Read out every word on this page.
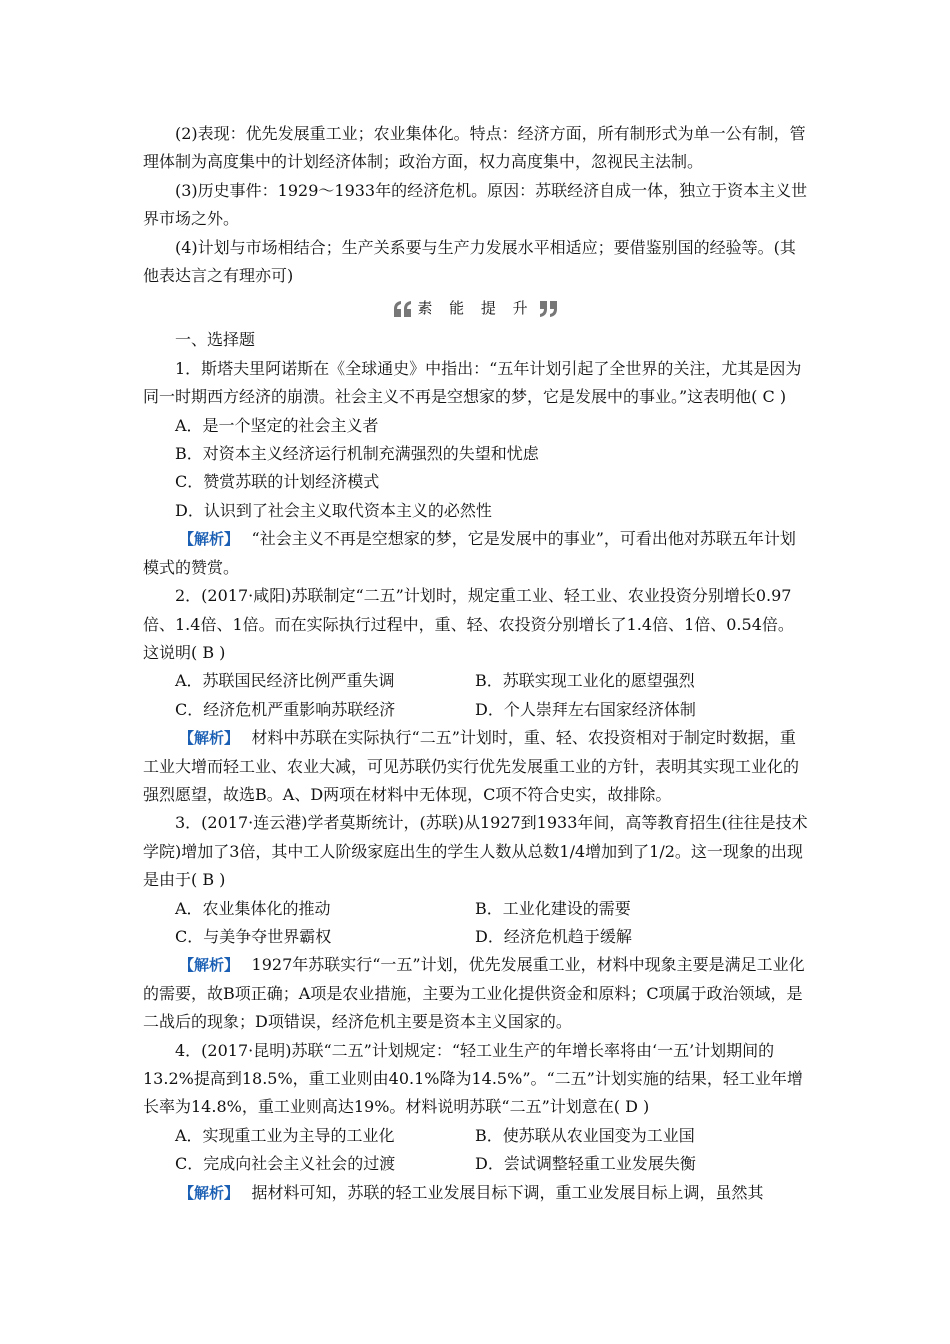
(2)表现：优先发展重工业；农业集体化。特点：经济方面，所有制形式为单一公有制，管理体制为高度集中的计划经济体制；政治方面，权力高度集中，忽视民主法制。

(3)历史事件：1929～1933年的经济危机。原因：苏联经济自成一体，独立于资本主义世界市场之外。

(4)计划与市场相结合；生产关系要与生产力发展水平相适应；要借鉴别国的经验等。(其他表达言之有理亦可)

素 能 提 升

一、选择题

1．斯塔夫里阿诺斯在《全球通史》中指出：“五年计划引起了全世界的关注，尤其是因为同一时期西方经济的崩溃。社会主义不再是空想家的梦，它是发展中的事业。”这表明他( C )

A．是一个坚定的社会主义者

B．对资本主义经济运行机制充满强烈的失望和忧虑

C．赞赏苏联的计划经济模式

D．认识到了社会主义取代资本主义的必然性

【解析】　 “社会主义不再是空想家的梦，它是发展中的事业”，可看出他对苏联五年计划模式的赞赏。

2．(2017·咸阳)苏联制定“二五”计划时，规定重工业、轻工业、农业投资分别增长0.97倍、1.4倍、1倍。而在实际执行过程中，重、轻、农投资分别增长了1.4倍、1倍、0.54倍。这说明( B )

A．苏联国民经济比例严重失调	B．苏联实现工业化的愿望强烈
C．经济危机严重影响苏联经济	D．个人崇拜左右国家经济体制

【解析】　 材料中苏联在实际执行“二五”计划时，重、轻、农投资相对于制定时数据，重工业大增而轻工业、农业大减，可见苏联仍实行优先发展重工业的方针，表明其实现工业化的强烈愿望，故选B。A、D两项在材料中无体现，C项不符合史实，故排除。

3．(2017·连云港)学者莫斯统计，(苏联)从1927到1933年间，高等教育招生(往往是技术学院)增加了3倍，其中工人阶级家庭出生的学生人数从总数1/4增加到了1/2。这一现象的出现是由于( B )

A．农业集体化的推动	B．工业化建设的需要
C．与美争夺世界霸权	D．经济危机趋于缓解

【解析】　 1927年苏联实行“一五”计划，优先发展重工业，材料中现象主要是满足工业化的需要，故B项正确；A项是农业措施，主要为工业化提供资金和原料；C项属于政治领域，是二战后的现象；D项错误，经济危机主要是资本主义国家的。

4．(2017·昆明)苏联“二五”计划规定：“轻工业生产的年增长率将由‘一五’计划期间的13.2%提高到18.5%，重工业则由40.1%降为14.5%”。“二五”计划实施的结果，轻工业年增长率为14.8%，重工业则高达19%。材料说明苏联“二五”计划意在( D )

A．实现重工业为主导的工业化	B．使苏联从农业国变为工业国
C．完成向社会主义社会的过渡	D．尝试调整轻重工业发展失衡

【解析】　 据材料可知，苏联的轻工业发展目标下调，重工业发展目标上调，虽然其
